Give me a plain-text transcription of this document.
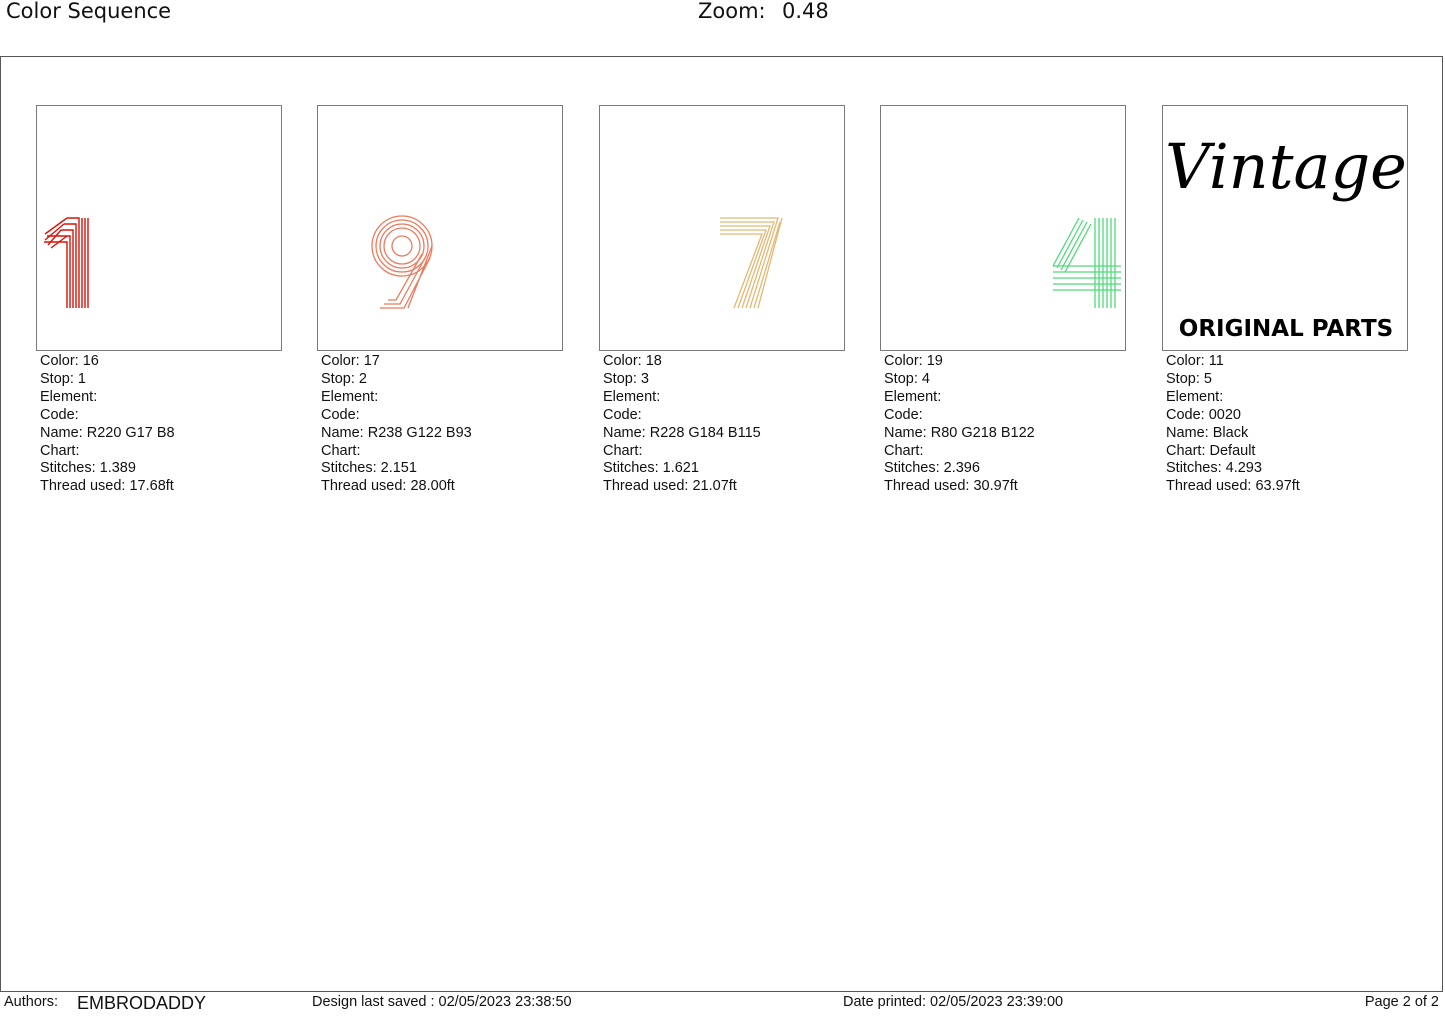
Color Sequence	Zoom: 0.48
Color: 16
Stop: 1
Element:
Code:
Name: R220 G17 B8
Chart:
Stitches: 1.389
Thread used: 17.68ft
Color: 17
Stop: 2
Element:
Code:
Name: R238 G122 B93
Chart:
Stitches: 2.151
Thread used: 28.00ft
Color: 18
Stop: 3
Element:
Code:
Name: R228 G184 B115
Chart:
Stitches: 1.621
Thread used: 21.07ft
Color: 19
Stop: 4
Element:
Code:
Name: R80 G218 B122
Chart:
Stitches: 2.396
Thread used: 30.97ft
Vintage
ORIGINAL PARTS
Color: 11
Stop: 5
Element:
Code: 0020
Name: Black
Chart: Default
Stitches: 4.293
Thread used: 63.97ft
Authors: EMBRODADDY	Design last saved : 02/05/2023 23:38:50	Date printed: 02/05/2023 23:39:00	Page 2 of 2
